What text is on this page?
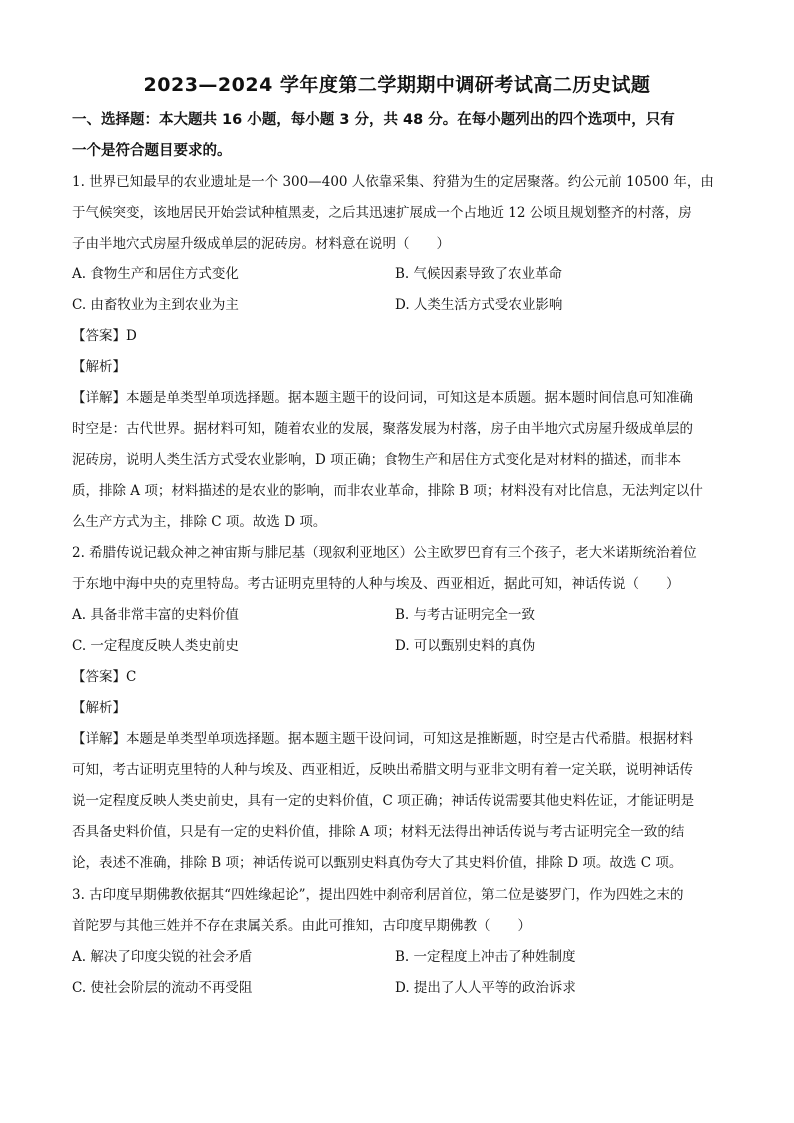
2023—2024 学年度第二学期期中调研考试高二历史试题
一、选择题：本大题共 16 小题，每小题 3 分，共 48 分。在每小题列出的四个选项中，只有
一个是符合题目要求的。
1. 世界已知最早的农业遗址是一个 300—400 人依靠采集、狩猎为生的定居聚落。约公元前 10500 年，由
于气候突变，该地居民开始尝试种植黑麦，之后其迅速扩展成一个占地近 12 公顷且规划整齐的村落，房
子由半地穴式房屋升级成单层的泥砖房。材料意在说明（　　）
A. 食物生产和居住方式变化	B. 气候因素导致了农业革命
C. 由畜牧业为主到农业为主	D. 人类生活方式受农业影响
【答案】D
【解析】
【详解】本题是单类型单项选择题。据本题主题干的设问词，可知这是本质题。据本题时间信息可知准确
时空是：古代世界。据材料可知，随着农业的发展，聚落发展为村落，房子由半地穴式房屋升级成单层的
泥砖房，说明人类生活方式受农业影响，D 项正确；食物生产和居住方式变化是对材料的描述，而非本
质，排除 A 项；材料描述的是农业的影响，而非农业革命，排除 B 项；材料没有对比信息，无法判定以什
么生产方式为主，排除 C 项。故选 D 项。
2. 希腊传说记载众神之神宙斯与腓尼基（现叙利亚地区）公主欧罗巴育有三个孩子，老大米诺斯统治着位
于东地中海中央的克里特岛。考古证明克里特的人种与埃及、西亚相近，据此可知，神话传说（　　）
A. 具备非常丰富的史料价值	B. 与考古证明完全一致
C. 一定程度反映人类史前史	D. 可以甄别史料的真伪
【答案】C
【解析】
【详解】本题是单类型单项选择题。据本题主题干设问词，可知这是推断题，时空是古代希腊。根据材料
可知，考古证明克里特的人种与埃及、西亚相近，反映出希腊文明与亚非文明有着一定关联，说明神话传
说一定程度反映人类史前史，具有一定的史料价值，C 项正确；神话传说需要其他史料佐证，才能证明是
否具备史料价值，只是有一定的史料价值，排除 A 项；材料无法得出神话传说与考古证明完全一致的结
论，表述不准确，排除 B 项；神话传说可以甄别史料真伪夸大了其史料价值，排除 D 项。故选 C 项。
3. 古印度早期佛教依据其“四姓缘起论”，提出四姓中刹帝利居首位，第二位是婆罗门，作为四姓之末的
首陀罗与其他三姓并不存在隶属关系。由此可推知，古印度早期佛教（　　）
A. 解决了印度尖锐的社会矛盾	B. 一定程度上冲击了种姓制度
C. 使社会阶层的流动不再受阻	D. 提出了人人平等的政治诉求
